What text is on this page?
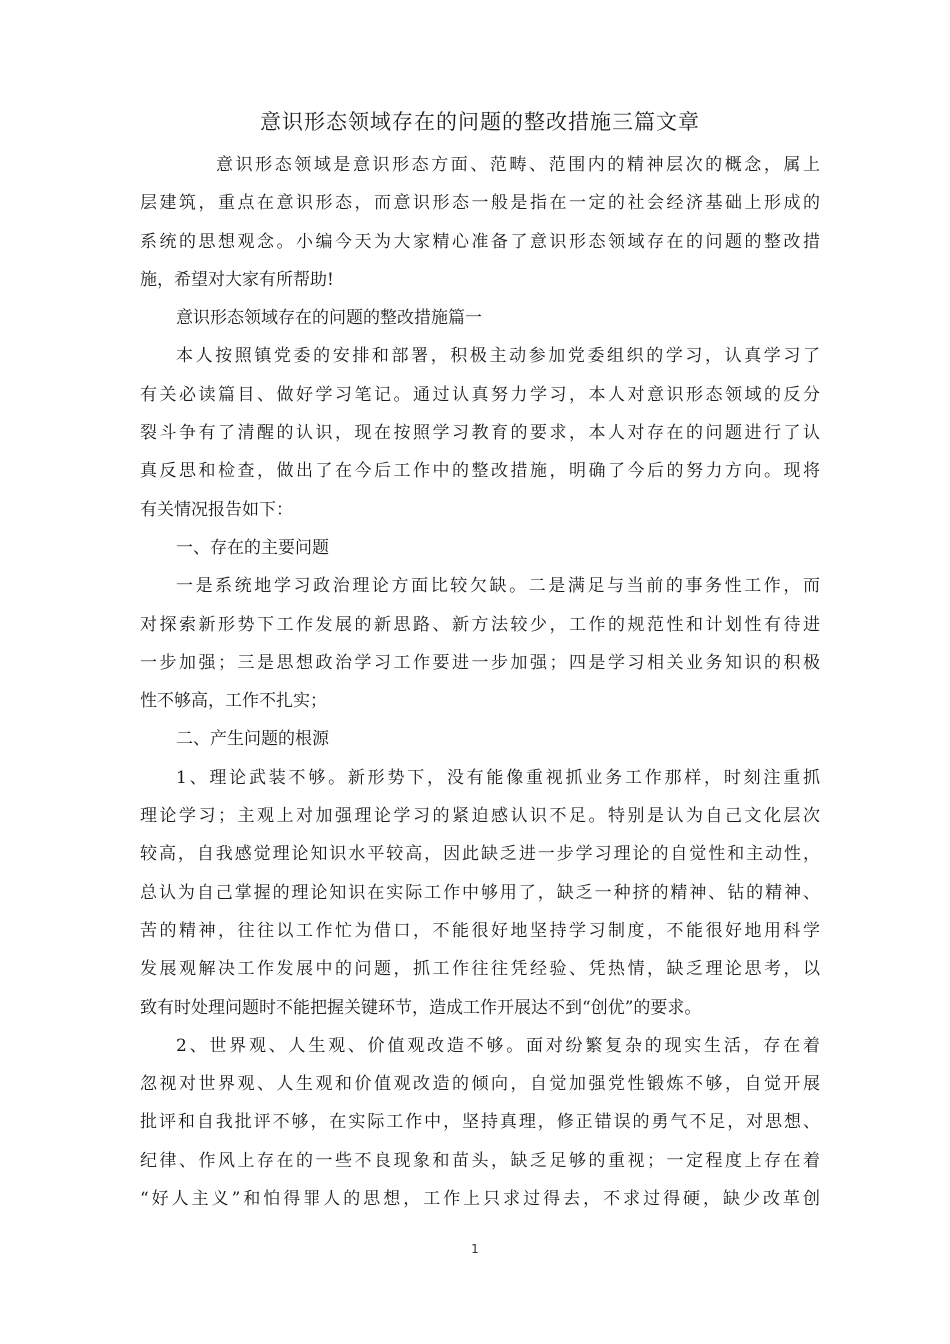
意识形态领域存在的问题的整改措施三篇文章
意识形态领域是意识形态方面、范畴、范围内的精神层次的概念，属上
层建筑，重点在意识形态，而意识形态一般是指在一定的社会经济基础上形成的
系统的思想观念。小编今天为大家精心准备了意识形态领域存在的问题的整改措
施，希望对大家有所帮助!
意识形态领域存在的问题的整改措施篇一
本人按照镇党委的安排和部署，积极主动参加党委组织的学习，认真学习了
有关必读篇目、做好学习笔记。通过认真努力学习，本人对意识形态领域的反分
裂斗争有了清醒的认识，现在按照学习教育的要求，本人对存在的问题进行了认
真反思和检查，做出了在今后工作中的整改措施，明确了今后的努力方向。现将
有关情况报告如下：
一、存在的主要问题
一是系统地学习政治理论方面比较欠缺。二是满足与当前的事务性工作，而
对探索新形势下工作发展的新思路、新方法较少，工作的规范性和计划性有待进
一步加强；三是思想政治学习工作要进一步加强；四是学习相关业务知识的积极
性不够高，工作不扎实；
二、产生问题的根源
1、理论武装不够。新形势下，没有能像重视抓业务工作那样，时刻注重抓
理论学习；主观上对加强理论学习的紧迫感认识不足。特别是认为自己文化层次
较高，自我感觉理论知识水平较高，因此缺乏进一步学习理论的自觉性和主动性，
总认为自己掌握的理论知识在实际工作中够用了，缺乏一种挤的精神、钻的精神、
苦的精神，往往以工作忙为借口，不能很好地坚持学习制度，不能很好地用科学
发展观解决工作发展中的问题，抓工作往往凭经验、凭热情，缺乏理论思考，以
致有时处理问题时不能把握关键环节，造成工作开展达不到“创优”的要求。
2、世界观、人生观、价值观改造不够。面对纷繁复杂的现实生活，存在着
忽视对世界观、人生观和价值观改造的倾向，自觉加强党性锻炼不够，自觉开展
批评和自我批评不够，在实际工作中，坚持真理，修正错误的勇气不足，对思想、
纪律、作风上存在的一些不良现象和苗头，缺乏足够的重视；一定程度上存在着
“好人主义”和怕得罪人的思想，工作上只求过得去，不求过得硬，缺少改革创
1
